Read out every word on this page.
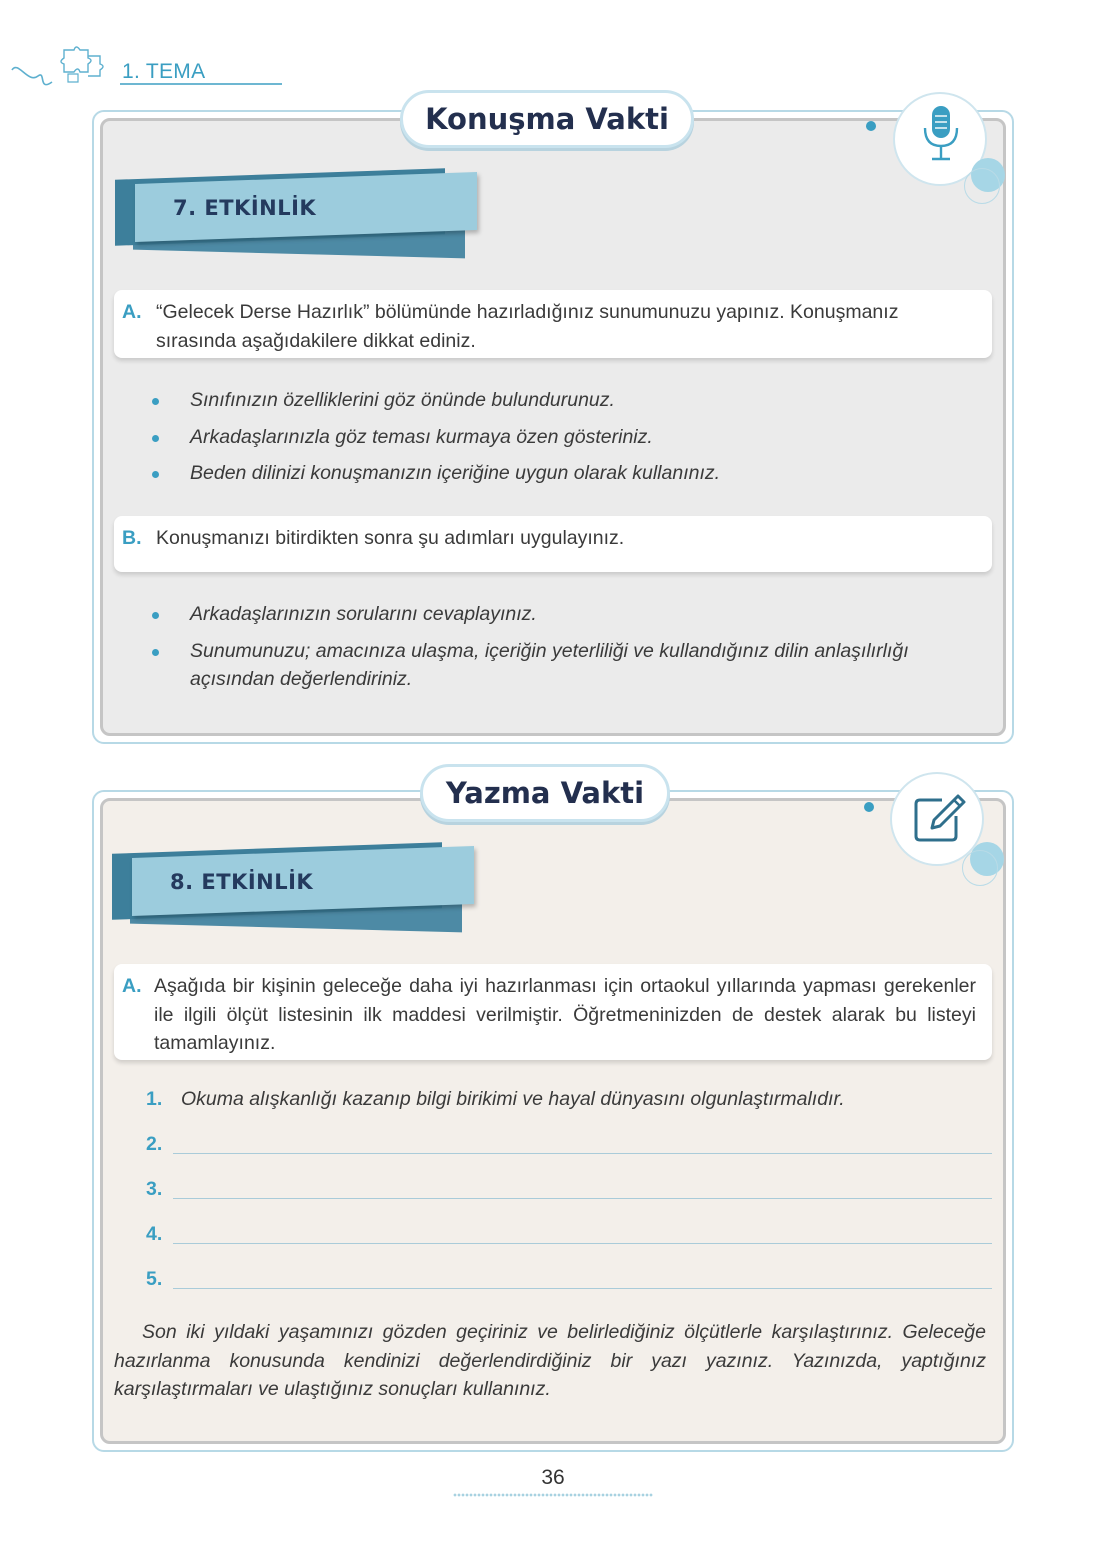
1. TEMA
Konuşma Vakti
7. ETKİNLİK
A. “Gelecek Derse Hazırlık” bölümünde hazırladığınız sunumunuzu yapınız. Konuşmanız sırasında aşağıdakilere dikkat ediniz.
Sınıfınızın özelliklerini göz önünde bulundurunuz.
Arkadaşlarınızla göz teması kurmaya özen gösteriniz.
Beden dilinizi konuşmanızın içeriğine uygun olarak kullanınız.
B. Konuşmanızı bitirdikten sonra şu adımları uygulayınız.
Arkadaşlarınızın sorularını cevaplayınız.
Sunumunuzu; amacınıza ulaşma, içeriğin yeterliliği ve kullandığınız dilin anlaşılırlığı açısından değerlendiriniz.
Yazma Vakti
8. ETKİNLİK
A. Aşağıda bir kişinin geleceğe daha iyi hazırlanması için ortaokul yıllarında yapması gerekenler ile ilgili ölçüt listesinin ilk maddesi verilmiştir. Öğretmeninizden de destek alarak bu listeyi tamamlayınız.
1. Okuma alışkanlığı kazanıp bilgi birikimi ve hayal dünyasını olgunlaştırmalıdır.
2.
3.
4.
5.

Son iki yıldaki yaşamınızı gözden geçiriniz ve belirlediğiniz ölçütlerle karşılaştırınız. Geleceğe hazırlanma konusunda kendinizi değerlendirdiğiniz bir yazı yazınız. Yazınızda, yaptığınız karşılaştırmaları ve ulaştığınız sonuçları kullanınız.

36
